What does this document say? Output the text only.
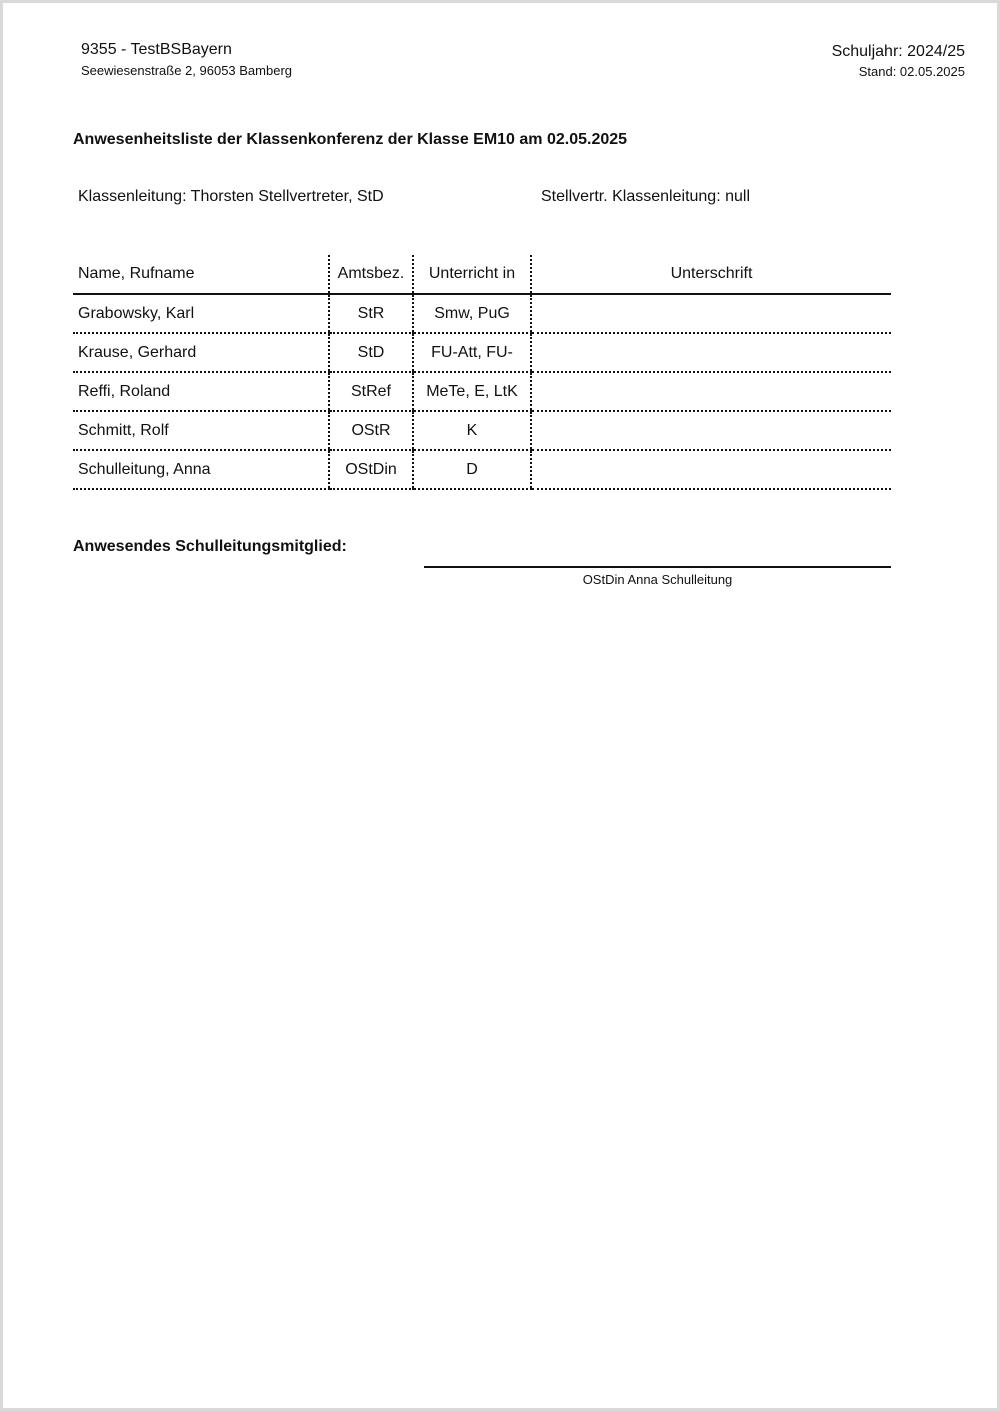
9355 - TestBSBayern
Seewiesenstraße 2, 96053 Bamberg
Schuljahr: 2024/25
Stand: 02.05.2025
Anwesenheitsliste der Klassenkonferenz der Klasse EM10 am 02.05.2025
Klassenleitung: Thorsten Stellvertreter, StD	Stellvertr. Klassenleitung: null
Name, Rufname	Amtsbez.	Unterricht in	Unterschrift
Grabowsky, Karl	StR	Smw, PuG	
Krause, Gerhard	StD	FU-Att, FU-	
Reffi, Roland	StRef	MeTe, E, LtK	
Schmitt, Rolf	OStR	K	
Schulleitung, Anna	OStDin	D	
Anwesendes Schulleitungsmitglied:
OStDin Anna Schulleitung
